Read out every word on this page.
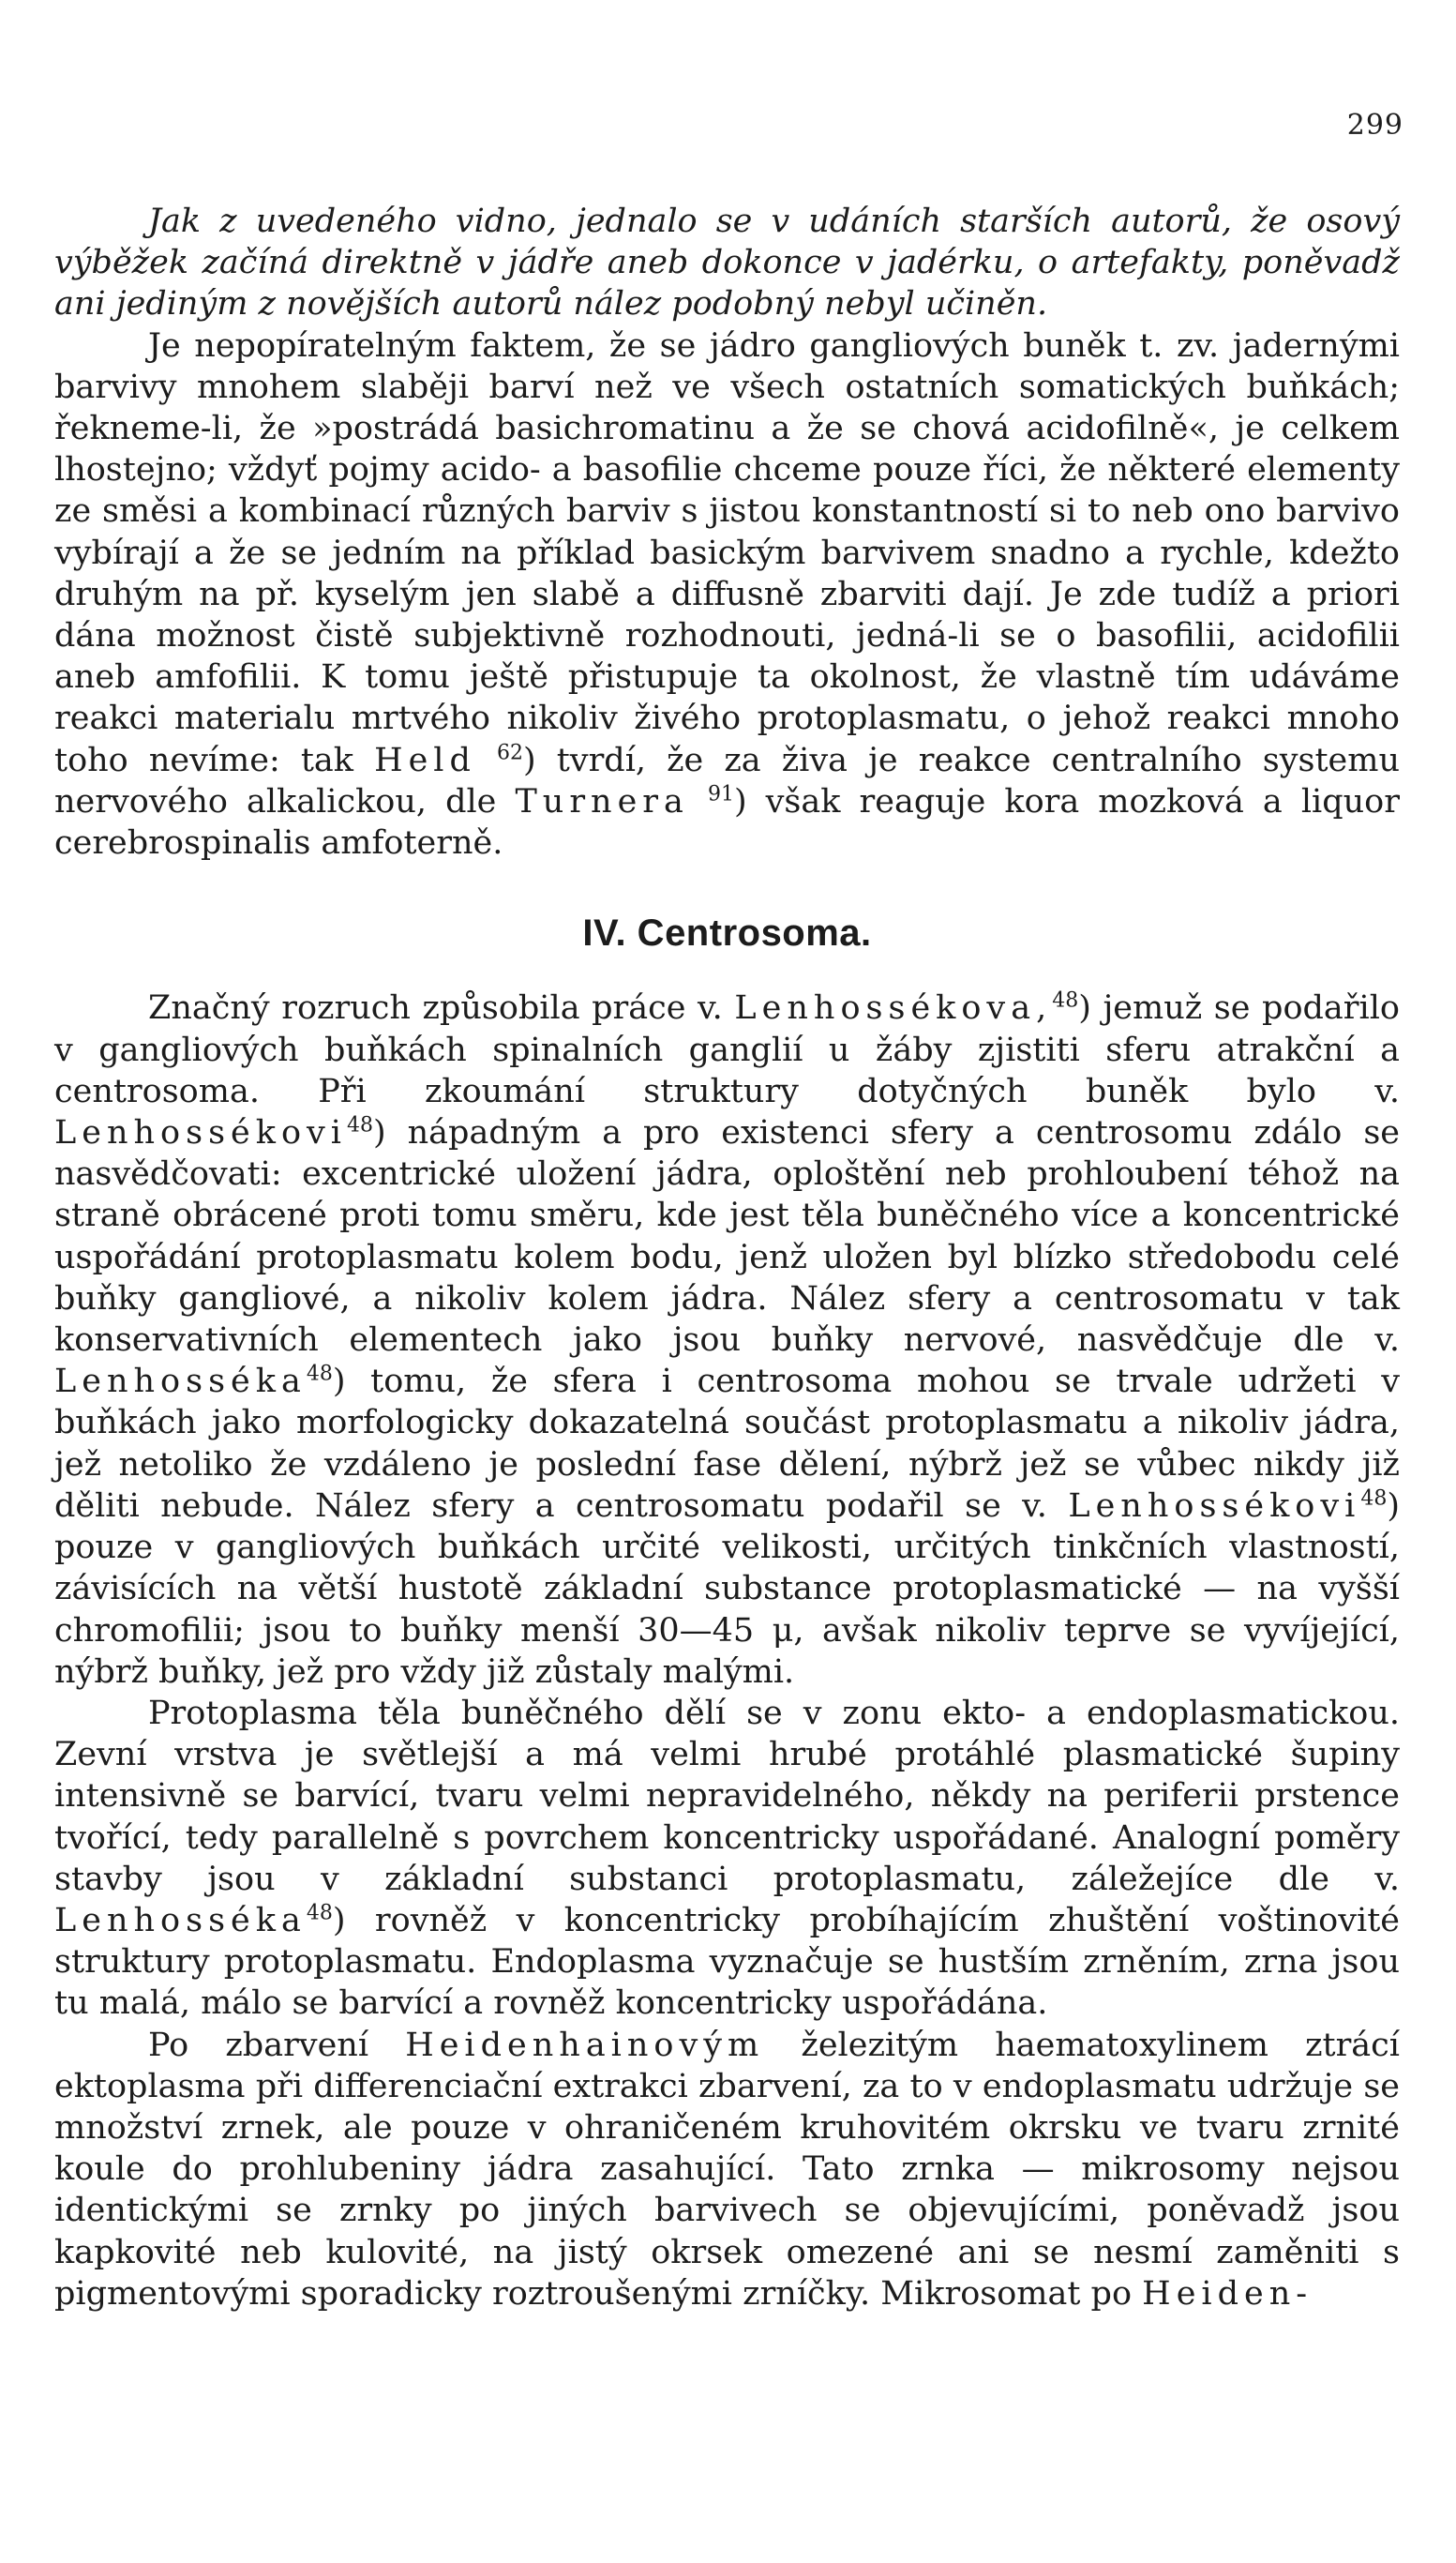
299

Jak z uvedeného vidno, jednalo se v udáních starších autorů, že osový výběžek začíná direktně v jádře aneb dokonce v jadérku, o artefakty, poněvadž ani jediným z novějších autorů nález podobný nebyl učiněn.

Je nepopíratelným faktem, že se jádro gangliových buněk t. zv. jadernými barvivy mnohem slaběji barví než ve všech ostatních somatických buňkách; řekneme-li, že »postrádá basichromatinu a že se chová acidofilně«, je celkem lhostejno; vždyť pojmy acido- a basofilie chceme pouze říci, že některé elementy ze směsi a kombinací různých barviv s jistou konstantností si to neb ono barvivo vybírají a že se jedním na příklad basickým barvivem snadno a rychle, kdežto druhým na př. kyselým jen slabě a diffusně zbarviti dají. Je zde tudíž a priori dána možnost čistě subjektivně rozhodnouti, jedná-li se o basofilii, acidofilii aneb amfofilii. K tomu ještě přistupuje ta okolnost, že vlastně tím udáváme reakci materialu mrtvého nikoliv živého protoplasmatu, o jehož reakci mnoho toho nevíme: tak Held $^{62}$) tvrdí, že za živa je reakce centralního systemu nervového alkalickou, dle Turnera $^{91}$) však reaguje kora mozková a liquor cerebrospinalis amfoterně.

IV. Centrosoma.

Značný rozruch způsobila práce v. Lenhossékova,$^{48}$) jemuž se podařilo v gangliových buňkách spinalních ganglií u žáby zjistiti sferu atrakční a centrosoma. Při zkoumání struktury dotyčných buněk bylo v. Lenhossékovi$^{48}$) nápadným a pro existenci sfery a centrosomu zdálo se nasvědčovati: excentrické uložení jádra, oploštění neb prohloubení téhož na straně obrácené proti tomu směru, kde jest těla buněčného více a koncentrické uspořádání protoplasmatu kolem bodu, jenž uložen byl blízko středobodu celé buňky gangliové, a nikoliv kolem jádra. Nález sfery a centrosomatu v tak konservativních elementech jako jsou buňky nervové, nasvědčuje dle v. Lenhosséka$^{48}$) tomu, že sfera i centrosoma mohou se trvale udržeti v buňkách jako morfologicky dokazatelná součást protoplasmatu a nikoliv jádra, jež netoliko že vzdáleno je poslední fase dělení, nýbrž jež se vůbec nikdy již děliti nebude. Nález sfery a centrosomatu podařil se v. Lenhossékovi$^{48}$) pouze v gangliových buňkách určité velikosti, určitých tinkčních vlastností, závisících na větší hustotě základní substance protoplasmatické — na vyšší chromofilii; jsou to buňky menší 30—45 μ, avšak nikoliv teprve se vyvíjející, nýbrž buňky, jež pro vždy již zůstaly malými.

Protoplasma těla buněčného dělí se v zonu ekto- a endoplasmatickou. Zevní vrstva je světlejší a má velmi hrubé protáhlé plasmatické šupiny intensivně se barvící, tvaru velmi nepravidelného, někdy na periferii prstence tvořící, tedy parallelně s povrchem koncentricky uspořádané. Analogní poměry stavby jsou v základní substanci protoplasmatu, záležejíce dle v. Lenhosséka$^{48}$) rovněž v koncentricky probíhajícím zhuštění voštinovité struktury protoplasmatu. Endoplasma vyznačuje se hustším zrněním, zrna jsou tu malá, málo se barvící a rovněž koncentricky uspořádána.

Po zbarvení Heidenhainovým železitým haematoxylinem ztrácí ektoplasma při differenciační extrakci zbarvení, za to v endoplasmatu udržuje se množství zrnek, ale pouze v ohraničeném kruhovitém okrsku ve tvaru zrnité koule do prohlubeniny jádra zasahující. Tato zrnka — mikrosomy nejsou identickými se zrnky po jiných barvivech se objevujícími, poněvadž jsou kapkovité neb kulovité, na jistý okrsek omezené ani se nesmí zaměniti s pigmentovými sporadicky roztroušenými zrníčky. Mikrosomat po Heiden-
